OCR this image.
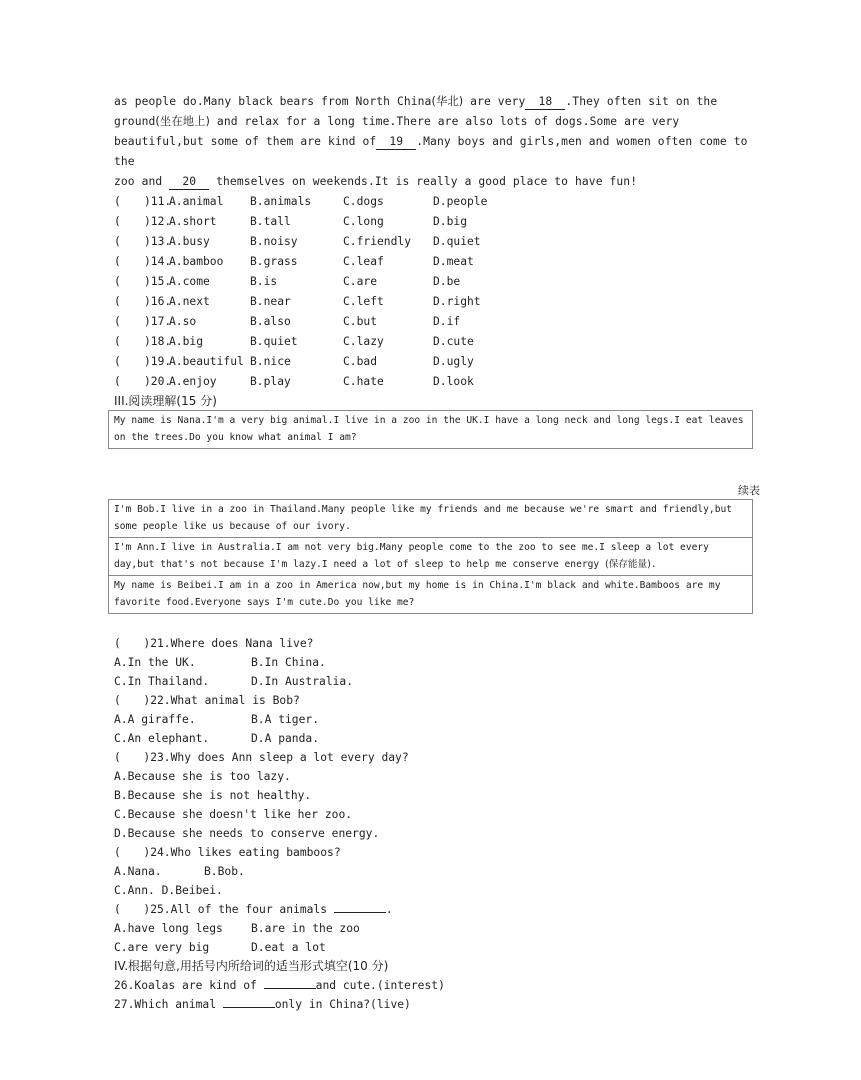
as people do.Many black bears from North China(华北) are very 18 .They often sit on the
ground(坐在地上) and relax for a long time.There are also lots of dogs.Some are very
beautiful,but some of them are kind of 19 .Many boys and girls,men and women often come to the
zoo and 20 themselves on weekends.It is really a good place to have fun!
( )11.
A.animal B.animals	C.dogs	D.people
( )12.
A.short	B.tall	C.long	D.big
( )13.
A.busy	B.noisy	C.friendly D.quiet
( )14.
A.bamboo B.grass	C.leaf	D.meat
( )15.
A.come	B.is	C.are	D.be
( )16.
A.next	B.near	C.left	D.right
( )17.
A.so	B.also	C.but	D.if
( )18.
A.big	B.quiet	C.lazy	D.cute
( )19.
A.beautiful B.nice	C.bad	D.ugly
( )20.
A.enjoy	B.play	C.hate	D.look
III.阅读理解(15 分)
My name is Nana.I'm a very big animal.I live in a zoo in the UK.I have a long neck and long legs.I eat leaves on the trees.Do you know what animal I am?
续表
I'm Bob.I live in a zoo in Thailand.Many people like my friends and me because we're smart and friendly,but some people like us because of our ivory.
I'm Ann.I live in Australia.I am not very big.Many people come to the zoo to see me.I sleep a lot every day,but that's not because I'm lazy.I need a lot of sleep to help me conserve energy (保存能量).
My name is Beibei.I am in a zoo in America now,but my home is in China.I'm black and white.Bamboos are my favorite food.Everyone says I'm cute.Do you like me?
(　　)21.Where does Nana live?
A.In the UK.	B.In China.
C.In Thailand.	D.In Australia.
(　　)22.What animal is Bob?
A.A giraffe.	B.A tiger.
C.An elephant.	D.A panda.
(　　)23.Why does Ann sleep a lot every day?
A.Because she is too lazy.
B.Because she is not healthy.
C.Because she doesn't like her zoo.
D.Because she needs to conserve energy.
(　　)24.Who likes eating bamboos?
A.Nana.	B.Bob.
C.Ann. D.Beibei.
(　　)25.All of the four animals	.
A.have long legs B.are in the zoo
C.are very big	D.eat a lot
IV.根据句意,用括号内所给词的适当形式填空(10 分)
26.Koalas are kind of	and cute.(interest)
27.Which animal	only in China?(live)
